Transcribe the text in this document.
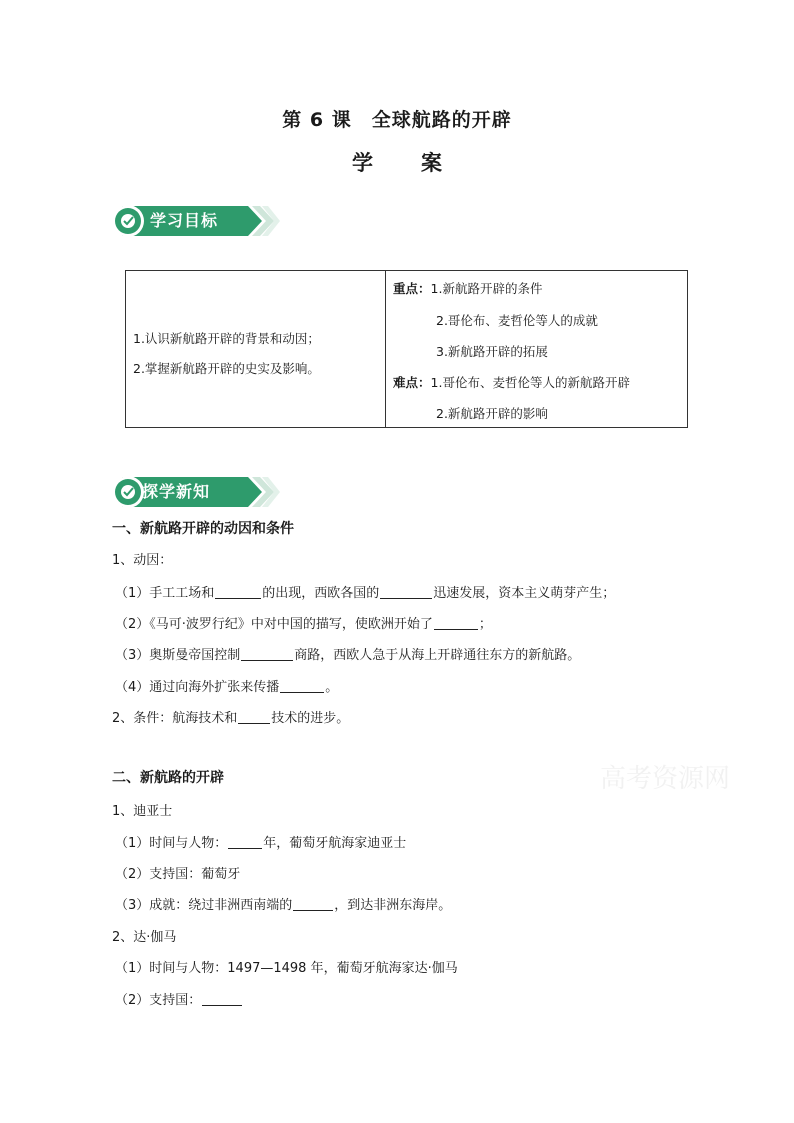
第 6 课　全球航路的开辟
学 案
学习目标

1.认识新航路开辟的背景和动因；
2.掌握新航路开辟的史实及影响。
重点：1.新航路开辟的条件
2.哥伦布、麦哲伦等人的成就
3.新航路开辟的拓展
难点：1.哥伦布、麦哲伦等人的新航路开辟
2.新航路开辟的影响
探学新知
一、新航路开辟的动因和条件
1、动因：
（1）手工工场和	的出现，西欧各国的	迅速发展，资本主义萌芽产生；
（2）《马可·波罗行纪》中对中国的描写，使欧洲开始了	；
（3）奥斯曼帝国控制	商路，西欧人急于从海上开辟通往东方的新航路。
（4）通过向海外扩张来传播	。
2、条件：航海技术和	技术的进步。
二、新航路的开辟	高考资源网
1、迪亚士
（1）时间与人物：	年，葡萄牙航海家迪亚士
（2）支持国：葡萄牙
（3）成就：绕过非洲西南端的	，到达非洲东海岸。
2、达·伽马
（1）时间与人物：1497—1498 年，葡萄牙航海家达·伽马
（2）支持国：
